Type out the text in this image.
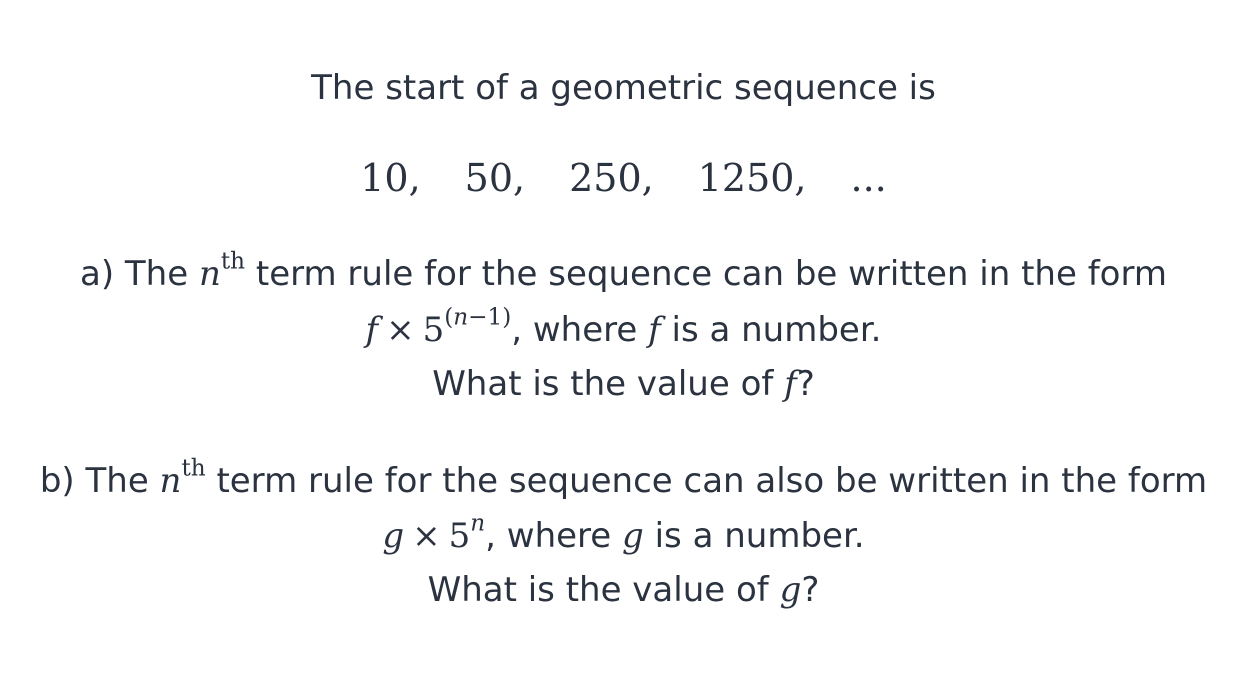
The start of a geometric sequence is
10, 50, 250, 1250, ...
a) The $n^{th}$ term rule for the sequence can be written in the form
$f \times 5^{(n-1)}$, where f is a number.
What is the value of f?
b) The $n^{th}$ term rule for the sequence can also be written in the form
$g \times 5^n$, where g is a number.
What is the value of g?
